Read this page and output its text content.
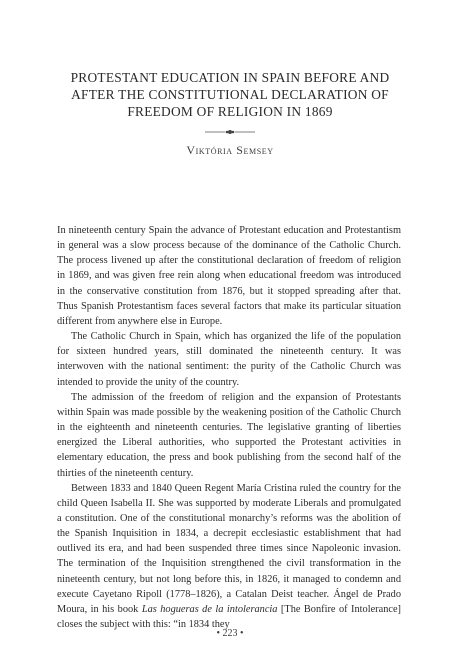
PROTESTANT EDUCATION IN SPAIN BEFORE AND
AFTER THE CONSTITUTIONAL DECLARATION OF
FREEDOM OF RELIGION IN 1869
Viktória Semsey

In nineteenth century Spain the advance of Protestant education and Protestantism in general was a slow process because of the dominance of the Catholic Church. The process livened up after the constitutional declaration of freedom of religion in 1869, and was given free rein along when educational freedom was introduced in the conservative constitution from 1876, but it stopped spreading after that. Thus Spanish Protestantism faces several factors that make its particular situation different from anywhere else in Europe.

The Catholic Church in Spain, which has organized the life of the population for sixteen hundred years, still dominated the nineteenth century. It was interwoven with the national sentiment: the purity of the Catholic Church was intended to provide the unity of the country.

The admission of the freedom of religion and the expansion of Protestants within Spain was made possible by the weakening position of the Catholic Church in the eighteenth and nineteenth centuries. The legislative granting of liberties energized the Liberal authorities, who supported the Protestant activities in elementary education, the press and book publishing from the second half of the thirties of the nineteenth century.

Between 1833 and 1840 Queen Regent María Cristina ruled the country for the child Queen Isabella II. She was supported by moderate Liberals and promulgated a constitution. One of the constitutional monarchy’s reforms was the abolition of the Spanish Inquisition in 1834, a decrepit ecclesiastic establishment that had outlived its era, and had been suspended three times since Napoleonic invasion. The termination of the Inquisition strengthened the civil transformation in the nineteenth century, but not long before this, in 1826, it managed to condemn and execute Cayetano Ripoll (1778–1826), a Catalan Deist teacher. Ángel de Prado Moura, in his book Las hogueras de la intolerancia [The Bonfire of Intolerance] closes the subject with this: “in 1834 they

• 223 •
